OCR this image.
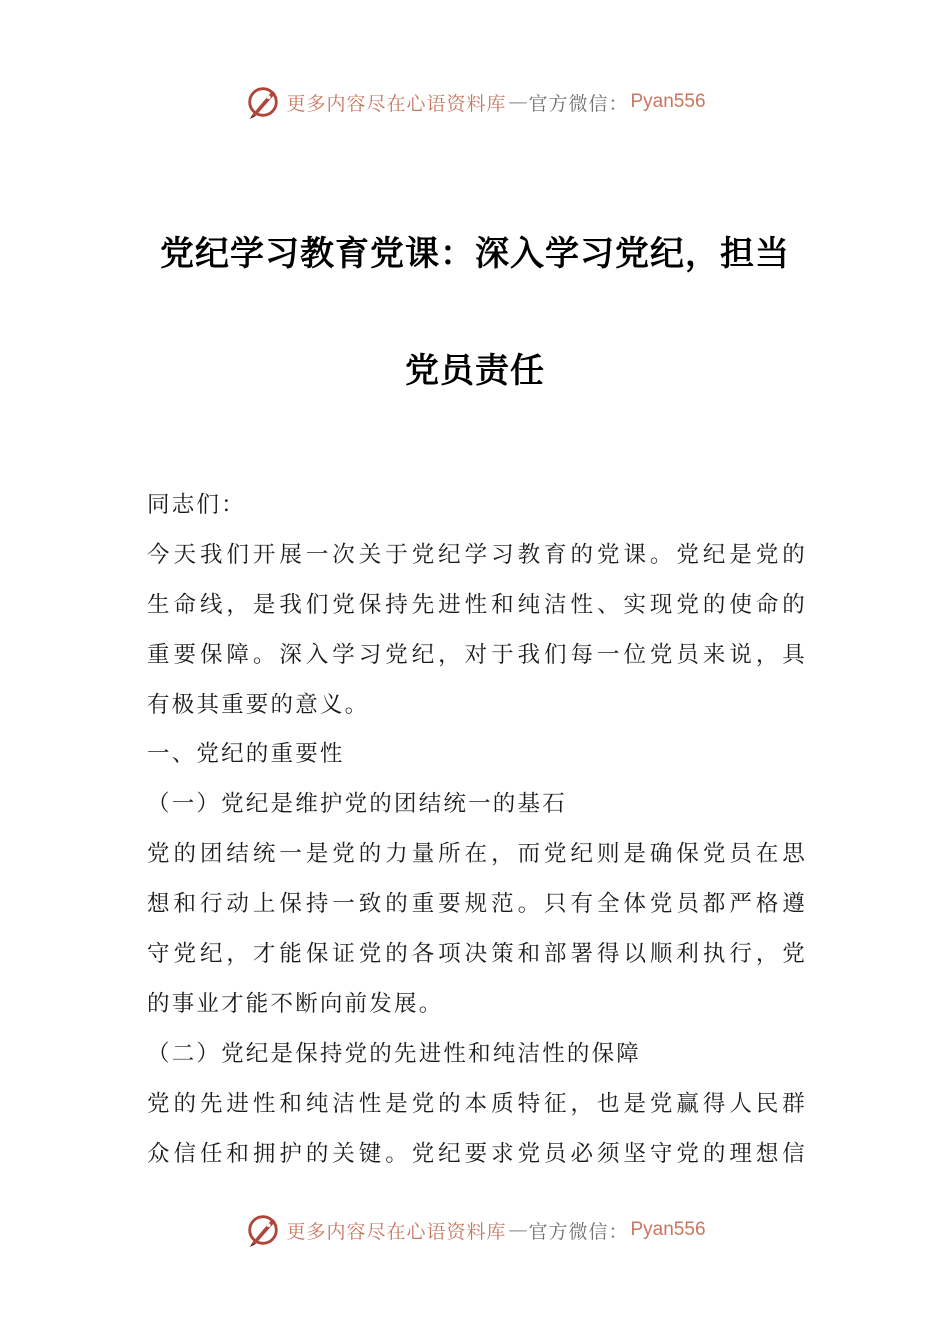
更多内容尽在心语资料库 — 官方微信： Pyan556
党纪学习教育党课：深入学习党纪，担当
党员责任
同志们：
今天我们开展一次关于党纪学习教育的党课。党纪是党的
生命线，是我们党保持先进性和纯洁性、实现党的使命的
重要保障。深入学习党纪，对于我们每一位党员来说，具
有极其重要的意义。
一、党纪的重要性
（一）党纪是维护党的团结统一的基石
党的团结统一是党的力量所在，而党纪则是确保党员在思
想和行动上保持一致的重要规范。只有全体党员都严格遵
守党纪，才能保证党的各项决策和部署得以顺利执行，党
的事业才能不断向前发展。
（二）党纪是保持党的先进性和纯洁性的保障
党的先进性和纯洁性是党的本质特征，也是党赢得人民群
众信任和拥护的关键。党纪要求党员必须坚守党的理想信
更多内容尽在心语资料库 — 官方微信： Pyan556
